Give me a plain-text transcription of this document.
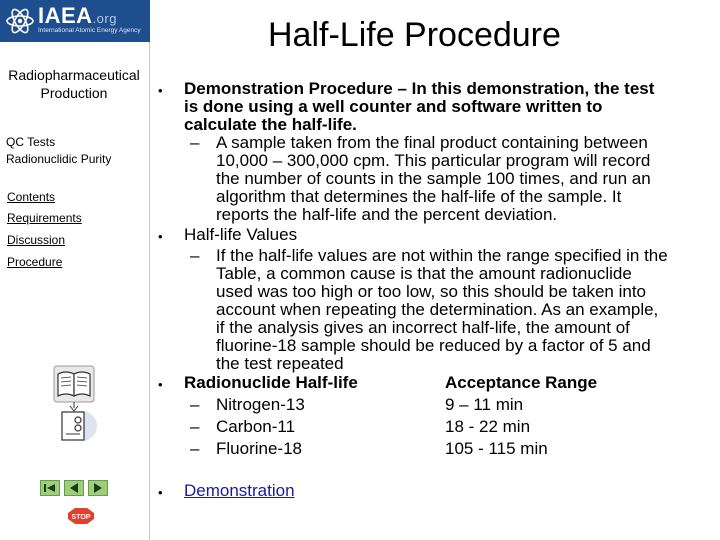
IAEA.org
International Atomic Energy Agency	Half-Life Procedure
Radiopharmaceutical Production
QC Tests
Radionuclidic Purity
Contents
Requirements
Discussion
Procedure
STOP
• Demonstration Procedure – In this demonstration, the test
is done using a well counter and software written to
calculate the half-life.
– A sample taken from the final product containing between
10,000 – 300,000 cpm. This particular program will record
the number of counts in the sample 100 times, and run an
algorithm that determines the half-life of the sample. It
reports the half-life and the percent deviation.
• Half-life Values
– If the half-life values are not within the range specified in the
Table, a common cause is that the amount radionuclide
used was too high or too low, so this should be taken into
account when repeating the determination. As an example,
if the analysis gives an incorrect half-life, the amount of
fluorine-18 sample should be reduced by a factor of 5 and
the test repeated
• Radionuclide Half-life	Acceptance Range
– Nitrogen-13	9 – 11 min
– Carbon-11	18 - 22 min
– Fluorine-18	105 - 115 min
• Demonstration
